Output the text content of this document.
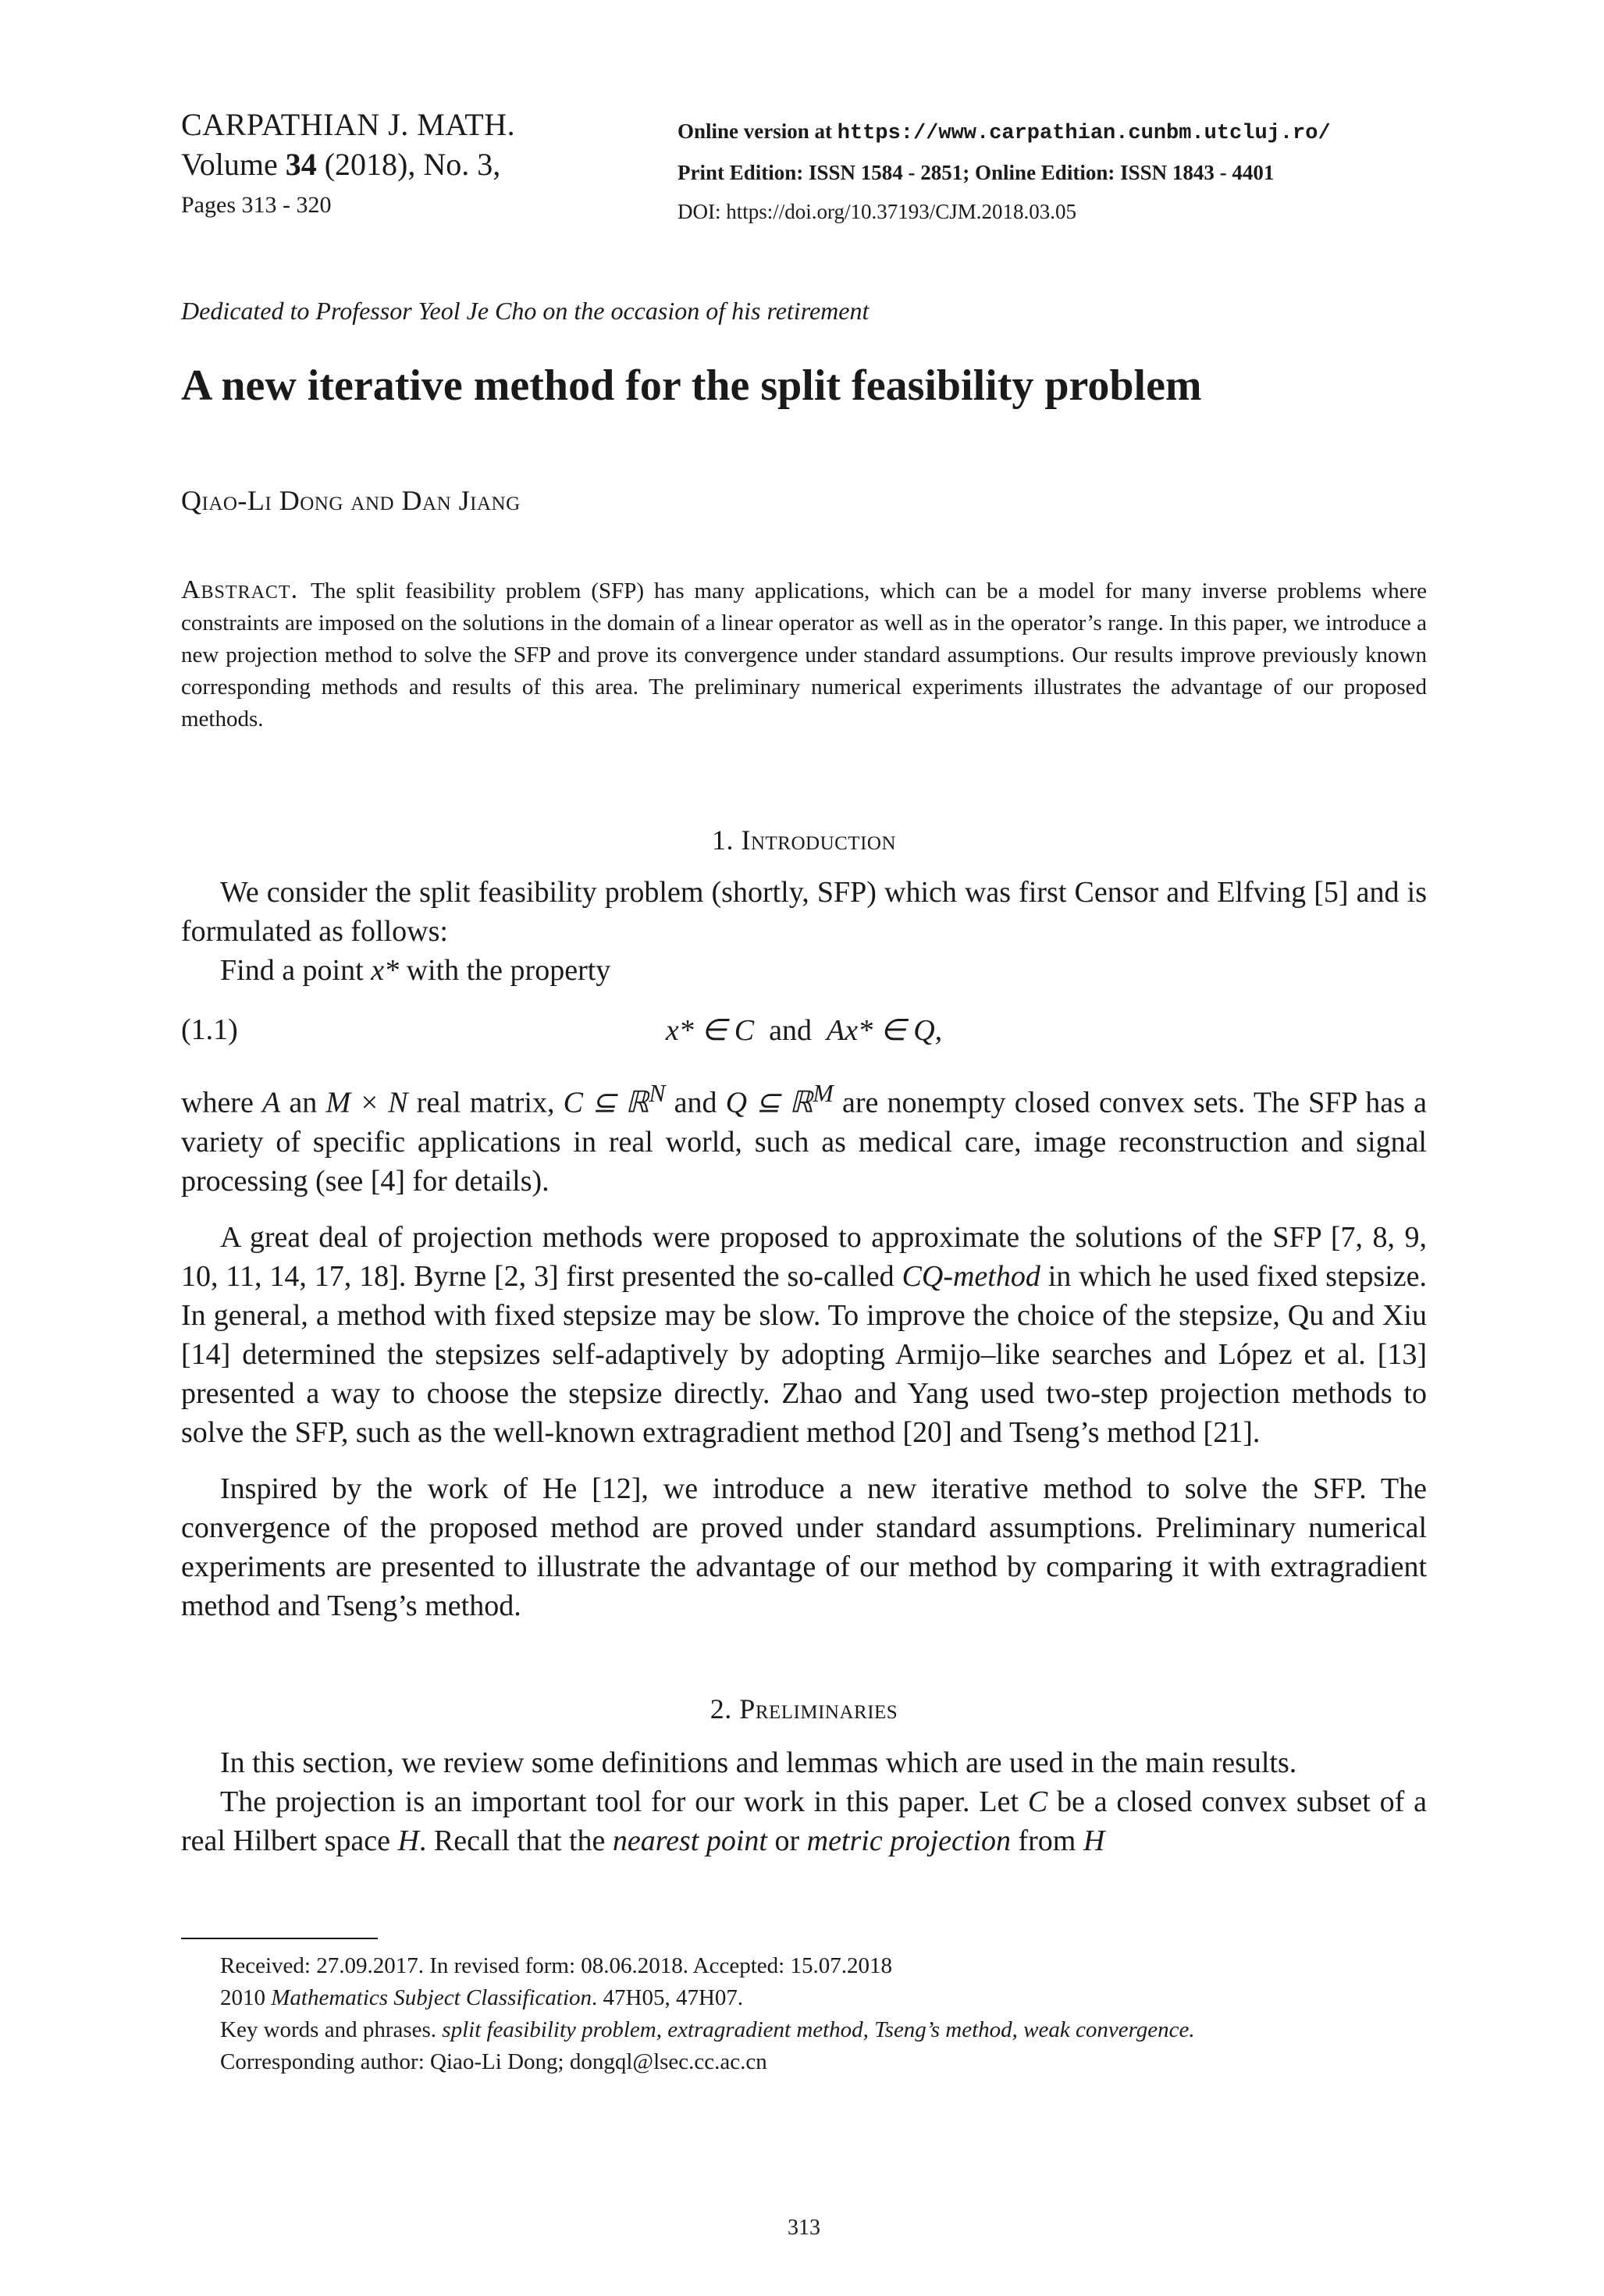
CARPATHIAN J. MATH.
Volume 34 (2018), No. 3,
Pages 313 - 320
Online version at https://www.carpathian.cunbm.utcluj.ro/
Print Edition: ISSN 1584 - 2851; Online Edition: ISSN 1843 - 4401
DOI: https://doi.org/10.37193/CJM.2018.03.05
Dedicated to Professor Yeol Je Cho on the occasion of his retirement
A new iterative method for the split feasibility problem
Qiao-Li Dong and Dan Jiang
Abstract. The split feasibility problem (SFP) has many applications, which can be a model for many inverse problems where constraints are imposed on the solutions in the domain of a linear operator as well as in the operator’s range. In this paper, we introduce a new projection method to solve the SFP and prove its convergence under standard assumptions. Our results improve previously known corresponding methods and results of this area. The preliminary numerical experiments illustrates the advantage of our proposed methods.
1. Introduction

We consider the split feasibility problem (shortly, SFP) which was first Censor and Elfving [5] and is formulated as follows:

Find a point x* with the property

(1.1)	x* ∈ C and Ax* ∈ Q,

where A an M × N real matrix, C ⊆ ℝ$^N$ and Q ⊆ ℝ$^M$ are nonempty closed convex sets. The SFP has a variety of specific applications in real world, such as medical care, image reconstruction and signal processing (see [4] for details).

A great deal of projection methods were proposed to approximate the solutions of the SFP [7, 8, 9, 10, 11, 14, 17, 18]. Byrne [2, 3] first presented the so-called CQ-method in which he used fixed stepsize. In general, a method with fixed stepsize may be slow. To improve the choice of the stepsize, Qu and Xiu [14] determined the stepsizes self-adaptively by adopting Armijo–like searches and López et al. [13] presented a way to choose the stepsize directly. Zhao and Yang used two-step projection methods to solve the SFP, such as the well-known extragradient method [20] and Tseng’s method [21].

Inspired by the work of He [12], we introduce a new iterative method to solve the SFP. The convergence of the proposed method are proved under standard assumptions. Preliminary numerical experiments are presented to illustrate the advantage of our method by comparing it with extragradient method and Tseng’s method.

2. Preliminaries

In this section, we review some definitions and lemmas which are used in the main results.

The projection is an important tool for our work in this paper. Let C be a closed convex subset of a real Hilbert space H. Recall that the nearest point or metric projection from H

Received: 27.09.2017. In revised form: 08.06.2018. Accepted: 15.07.2018
2010 Mathematics Subject Classification. 47H05, 47H07.
Key words and phrases. split feasibility problem, extragradient method, Tseng’s method, weak convergence.
Corresponding author: Qiao-Li Dong; dongql@lsec.cc.ac.cn
313
